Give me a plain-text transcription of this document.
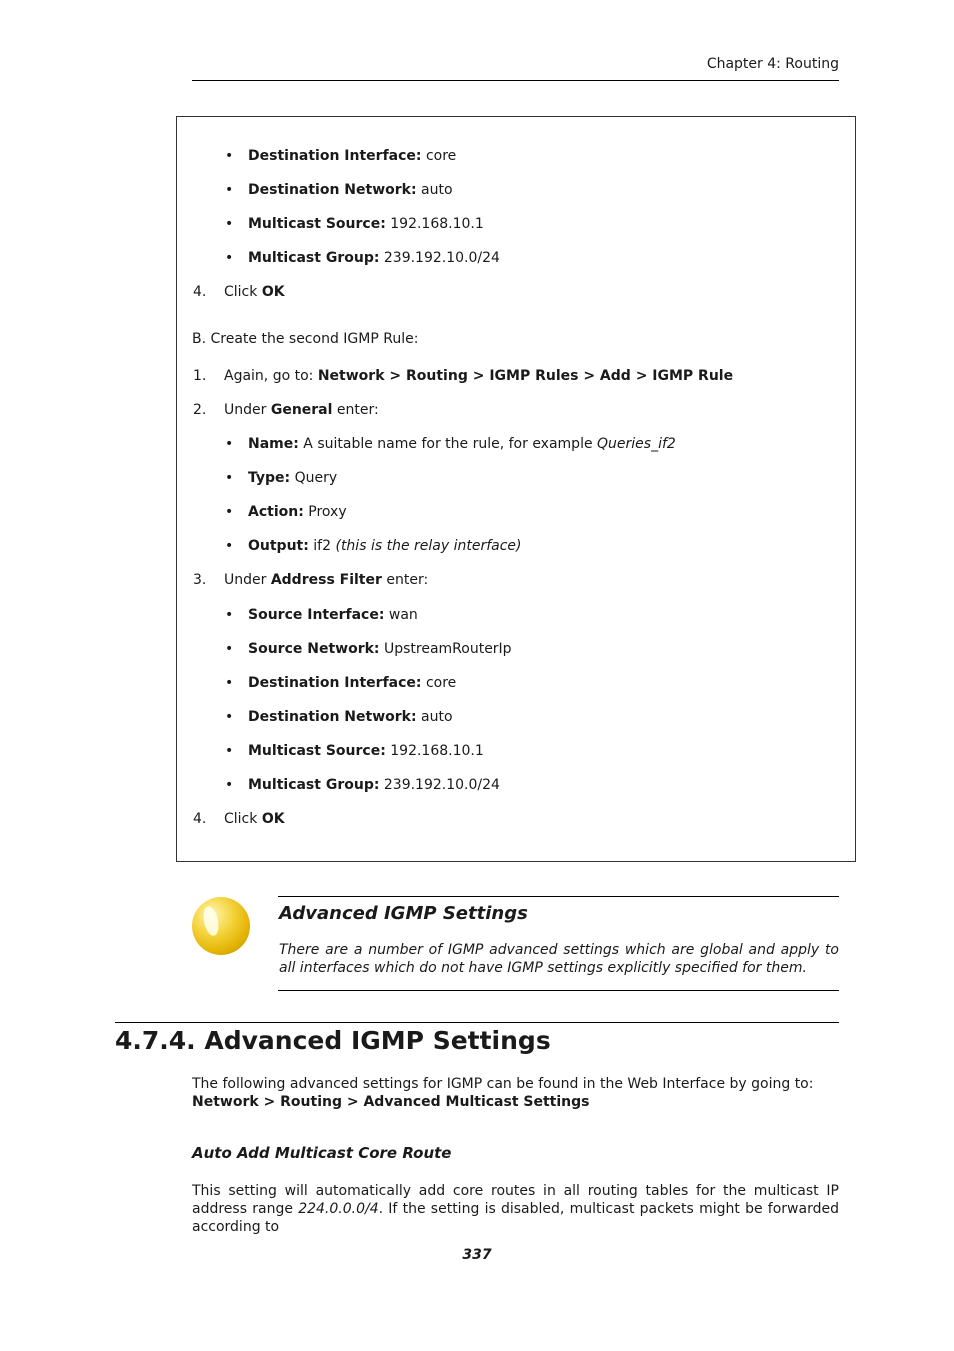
Chapter 4: Routing
• Destination Interface: core
• Destination Network: auto
• Multicast Source: 192.168.10.1
• Multicast Group: 239.192.10.0/24
4. Click OK
B. Create the second IGMP Rule:
1. Again, go to: Network > Routing > IGMP Rules > Add > IGMP Rule
2. Under General enter:
• Name: A suitable name for the rule, for example Queries_if2
• Type: Query
• Action: Proxy
• Output: if2 (this is the relay interface)
3. Under Address Filter enter:
• Source Interface: wan
• Source Network: UpstreamRouterIp
• Destination Interface: core
• Destination Network: auto
• Multicast Source: 192.168.10.1
• Multicast Group: 239.192.10.0/24
4. Click OK
Advanced IGMP Settings
There are a number of IGMP advanced settings which are global and apply to all interfaces which do not have IGMP settings explicitly specified for them.
4.7.4. Advanced IGMP Settings
The following advanced settings for IGMP can be found in the Web Interface by going to:
Network > Routing > Advanced Multicast Settings
Auto Add Multicast Core Route
This setting will automatically add core routes in all routing tables for the multicast IP address range 224.0.0.0/4. If the setting is disabled, multicast packets might be forwarded according to
337
